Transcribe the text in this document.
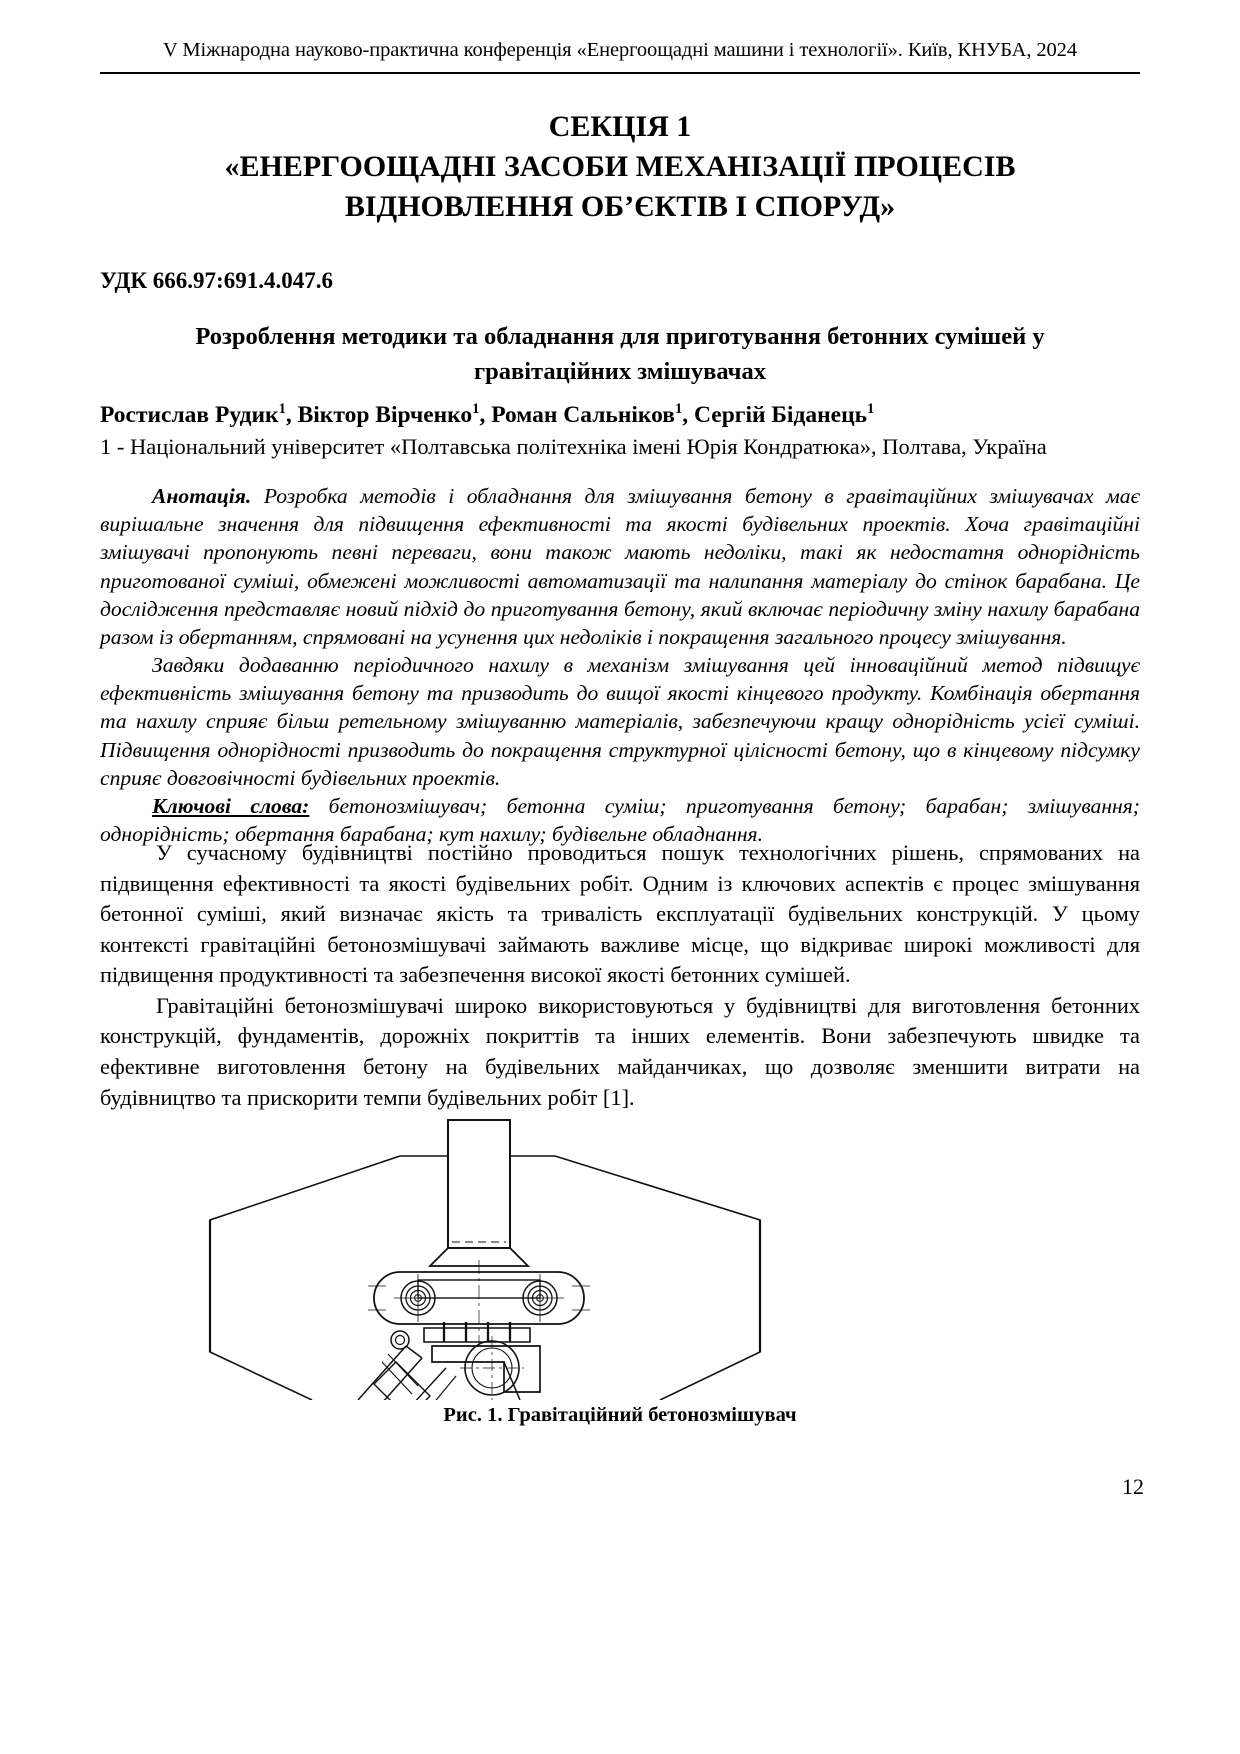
V Міжнародна науково-практична конференція «Енергоощадні машини і технології». Київ, КНУБА, 2024
СЕКЦІЯ 1
«ЕНЕРГООЩАДНІ ЗАСОБИ МЕХАНІЗАЦІЇ ПРОЦЕСІВ
ВІДНОВЛЕННЯ ОБ’ЄКТІВ І СПОРУД»
УДК 666.97:691.4.047.6
Розроблення методики та обладнання для приготування бетонних сумішей у
гравітаційних змішувачах
Ростислав Рудик$^1$, Віктор Вірченко$^1$, Роман Сальніков$^1$, Сергій Біданець$^1$
1 - Національний університет «Полтавська політехніка імені Юрія Кондратюка», Полтава, Україна

Анотація. Розробка методів і обладнання для змішування бетону в гравітаційних змішувачах має вирішальне значення для підвищення ефективності та якості будівельних проектів. Хоча гравітаційні змішувачі пропонують певні переваги, вони також мають недоліки, такі як недостатня однорідність приготованої суміші, обмежені можливості автоматизації та налипання матеріалу до стінок барабана. Це дослідження представляє новий підхід до приготування бетону, який включає періодичну зміну нахилу барабана разом із обертанням, спрямовані на усунення цих недоліків і покращення загального процесу змішування.

Завдяки додаванню періодичного нахилу в механізм змішування цей інноваційний метод підвищує ефективність змішування бетону та призводить до вищої якості кінцевого продукту. Комбінація обертання та нахилу сприяє більш ретельному змішуванню матеріалів, забезпечуючи кращу однорідність усієї суміші. Підвищення однорідності призводить до покращення структурної цілісності бетону, що в кінцевому підсумку сприяє довговічності будівельних проектів.

Ключові слова: бетонозмішувач; бетонна суміш; приготування бетону; барабан; змішування; однорідність; обертання барабана; кут нахилу; будівельне обладнання.

У сучасному будівництві постійно проводиться пошук технологічних рішень, спрямованих на підвищення ефективності та якості будівельних робіт. Одним із ключових аспектів є процес змішування бетонної суміші, який визначає якість та тривалість експлуатації будівельних конструкцій. У цьому контексті гравітаційні бетонозмішувачі займають важливе місце, що відкриває широкі можливості для підвищення продуктивності та забезпечення високої якості бетонних сумішей.

Гравітаційні бетонозмішувачі широко використовуються у будівництві для виготовлення бетонних конструкцій, фундаментів, дорожніх покриттів та інших елементів. Вони забезпечують швидке та ефективне виготовлення бетону на будівельних майданчиках, що дозволяє зменшити витрати на будівництво та прискорити темпи будівельних робіт [1].

Рис. 1. Гравітаційний бетонозмішувач
12
